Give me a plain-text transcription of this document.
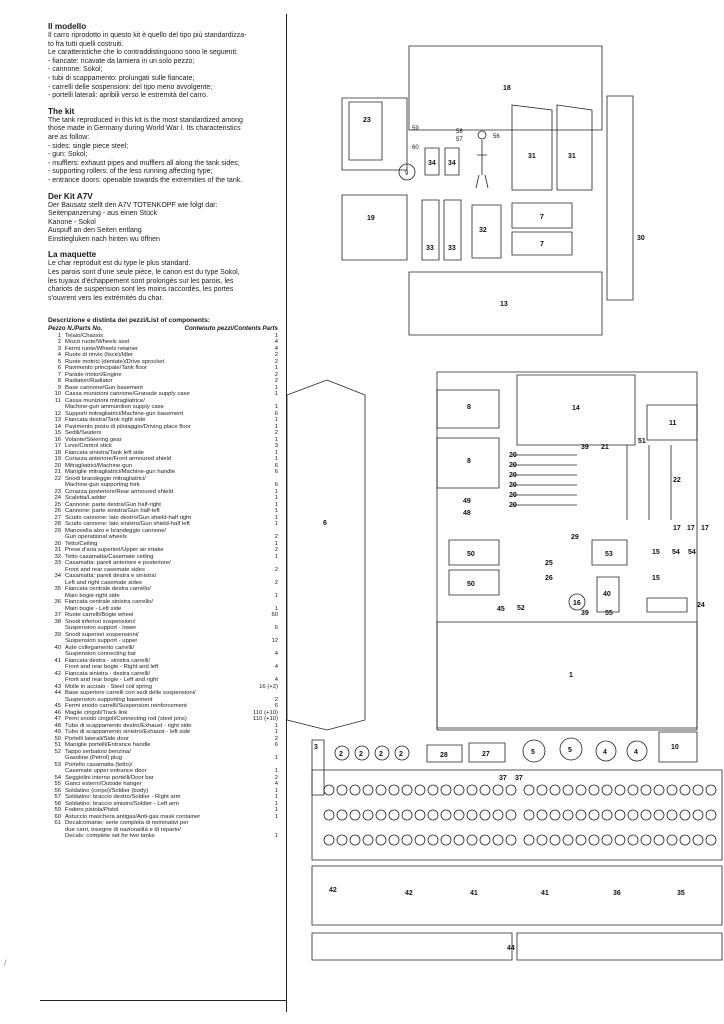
Il modello
Il carro riprodotto in questo kit è quello del tipo più standardizza-
to fra tutti quelli costruiti.
Le caratteristiche che lo contraddistinguono sono le seguenti:
- fiancate: ricavate da lamiera in un solo pezzo;
- cannone: Sokol;
- tubi di scappamento: prolungati sulle fiancate;
- carrelli delle sospensioni: del tipo meno avvolgente;
- portelli laterali: apribili verso le estremità del carro.
The kit
The tank reproduced in this kit is the most standardized among
those made in Germany during World War I. Its characteristics
are as follow:
- sides: single piece steel;
- gun: Sokol;
- mufflers: exhaust pipes and mufflers all along the tank sides;
- supporting rollers: of the less running affecting type;
- entrance doors: openable towards the extremities of the tank.
Der Kit A7V
Der Bausatz stellt den A7V TOTENKOPF wie folgt dar:
Seitenpanzerung - aus einen Stück
Kanone - Sokol
Auspuff an den Seiten entlang
Einstiegluken nach hinten wu öffnen
La maquette
Le char reproduit est du type le plus standard.
Les parois sont d'une seule pièce, le canon est du type Sokol,
les tuyaux d'échappement sont prolongés sur les parois, les
chariots de suspension sont les moins raccordés, les portes
s'ouvrent vers les extrémités du char.
Descrizione e distinta dei pezzi/List of components:
Pezzo N./Parts No.	Contenuto pezzi/Contents Parts
1 Telaio/Chassis	1
2 Mozzi ruote/Wheels axel	4
3 Fermi ruote/Wheels retainer	4
4 Ruote di rinvio (lisce)/Idler	2
5 Ruote motrici (dentate)/Drive sprocket	2
6 Pavimento principale/Tank floor	1
7 Paratie motori/Engine	2
8 Radiatori/Radiator	2
9 Base cannone/Gun basement	1
10 Cassa munizioni cannone/Granade supply case	1
11 Cassa munizioni mitragliatrice/
Machine-gun ammunition supply case	1
12 Supporti mitragliatrici/Machine-gun basement	6
13 Fiancata destra/Tank right side	1
14 Pavimento posto di pilotaggio/Driving place floor	1
15 Sedili/Seaters	2
16 Volante/Steering gear	1
17 Leve/Control stick	3
18 Fiancata sinistra/Tank left side	1
19 Corazza anteriore/Front armoured shield	1
20 Mitragliatrici/Machine-gun	6
21 Maniglie mitragliatrici/Machine-gun handle	6
22 Snodi brandeggio mitragliatrici/
Machine-gun supporting fork	6
23 Corazza posteriore/Rear armoured shield	1
24 Scaletta/Ladder	1
25 Cannone: parte destra/Gun half-right	1
26 Cannone: parte sinistra/Gun half-left	1
27 Scudo cannone: lato destro/Gun shield-half right	1
28 Scudo cannone: lato sinistro/Gun shield-half left	1
29 Manovella alzo e brandeggio cannone/
Gun operational wheels	2
30 Tetto/Ceiling	1
31 Prese d'aria superiori/Upper air intake	2
32 Tetto casamatta/Casemate ceiling	1
33 Casamatta: pareti anteriore e posteriore/
Front and rear casemate sides	2
34 Casamatta: pareti destra e sinistra/
Left and right casemate sides	2
35 Fiancata centrale destra carrello/
Main bogie-right side	1
36 Fiancata centrale sinistra carrello/
Main bogie - Left side	1
37 Ruote carrelli/Bogie wheel	60
38 Snodi inferiori sospensioni/
Suspension support - lower	6
39 Snodi superiori sospensioni/
Suspension support - upper	12
40 Aste collegamento carrelli/
Suspension connecting bar	4
41 Fiancata destra - sinistra carrelli/
Front and rear bogie - Right and left	4
42 Fiancata sinistra - destra carrelli/
Front and rear bogie - Left and right	4
43 Molle in acciaio - Steel coil spring	16 (+2)
44 Base superiore carrelli con sedi delle sospensioni/
Suspension supporting basement	2
45 Fermi snodo carrelli/Suspension reinforcement	6
46 Maglie cingoli/Track link	110 (+10)
47 Perni snodo cingoli/Connecting rod (steel pins)	110 (+10)
48 Tubo di scappamento destro/Exhaust - right side	1
49 Tubo di scappamento sinistro/Exhaust - left side	1
50 Portelli laterali/Side door	2
51 Maniglie portelli/Entrance handle	6
52 Tappo serbatoio benzina/
Gasoline (Petrol) plug	1
53 Portello casamatta (tetto)/
Casemate upper entrance door	1
54 Seggiolini interno portelli/Door bar	2
55 Ganci esterni/Outside hanger	4
56 Soldatino (corpo)/Soldier (body)	1
57 Soldatino: braccio destro/Soldier - Right arm	1
58 Soldatino: braccio sinistro/Soldier - Left arm	1
59 Fodero pistola/Pistol	1
60 Astuccio maschera antigas/Anti-gas mask container	1
61 Decalcomanie: serie completa di nominativi per
due carri, insegne di nazionalità e di reparto/
Decals: complete set for two tanks	1
/
18
23
59	58
57	56
60
9
34 34
31	31
19
33 33
32
7
7
30
13
8
8
14
11
6
49
48
50
50
45 52
39 21
20
20
20
20
20
20
51
22
17 17 17
29
25
26
16
53
40
15
15
54 54
24
39 55
1
3
2 2 2 2	28	27	5	5	4	4
10
37 37
42	42	41	41	36	35
44
